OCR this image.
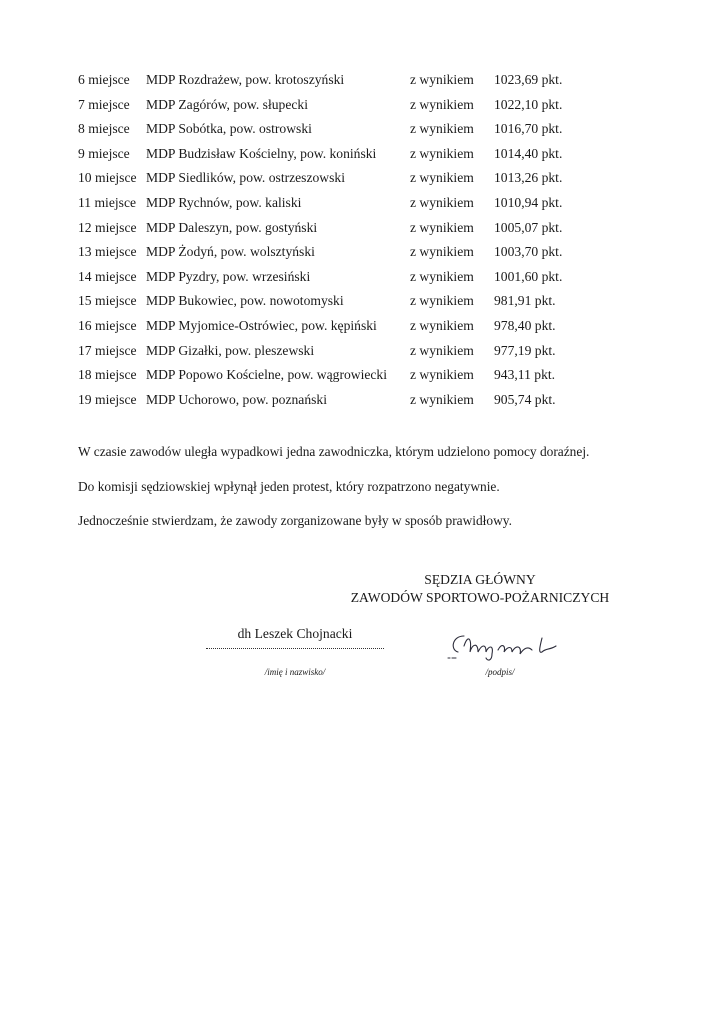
6 miejsce MDP Rozdrażew, pow. krotoszyński	z wynikiem 1023,69 pkt.
7 miejsce MDP Zagórów, pow. słupecki	z wynikiem 1022,10 pkt.
8 miejsce MDP Sobótka, pow. ostrowski	z wynikiem 1016,70 pkt.
9 miejsce MDP Budzisław Kościelny, pow. koniński z wynikiem 1014,40 pkt.
10 miejsce MDP Siedlików, pow. ostrzeszowski	z wynikiem 1013,26 pkt.
11 miejsce MDP Rychnów, pow. kaliski	z wynikiem 1010,94 pkt.
12 miejsce MDP Daleszyn, pow. gostyński	z wynikiem 1005,07 pkt.
13 miejsce MDP Żodyń, pow. wolsztyński	z wynikiem 1003,70 pkt.
14 miejsce MDP Pyzdry, pow. wrzesiński	z wynikiem 1001,60 pkt.
15 miejsce MDP Bukowiec, pow. nowotomyski	z wynikiem 981,91 pkt.
16 miejsce MDP Myjomice-Ostrówiec, pow. kępiński z wynikiem 978,40 pkt.
17 miejsce MDP Gizałki, pow. pleszewski	z wynikiem 977,19 pkt.
18 miejsce MDP Popowo Kościelne, pow. wągrowiecki z wynikiem 943,11 pkt.
19 miejsce MDP Uchorowo, pow. poznański	z wynikiem 905,74 pkt.
W czasie zawodów uległa wypadkowi jedna zawodniczka, którym udzielono pomocy doraźnej.
Do komisji sędziowskiej wpłynął jeden protest, który rozpatrzono negatywnie.
Jednocześnie stwierdzam, że zawody zorganizowane były w sposób prawidłowy.
SĘDZIA GŁÓWNY
ZAWODÓW SPORTOWO-POŻARNICZYCH
dh Leszek Chojnacki
/imię i nazwisko/	/podpis/
